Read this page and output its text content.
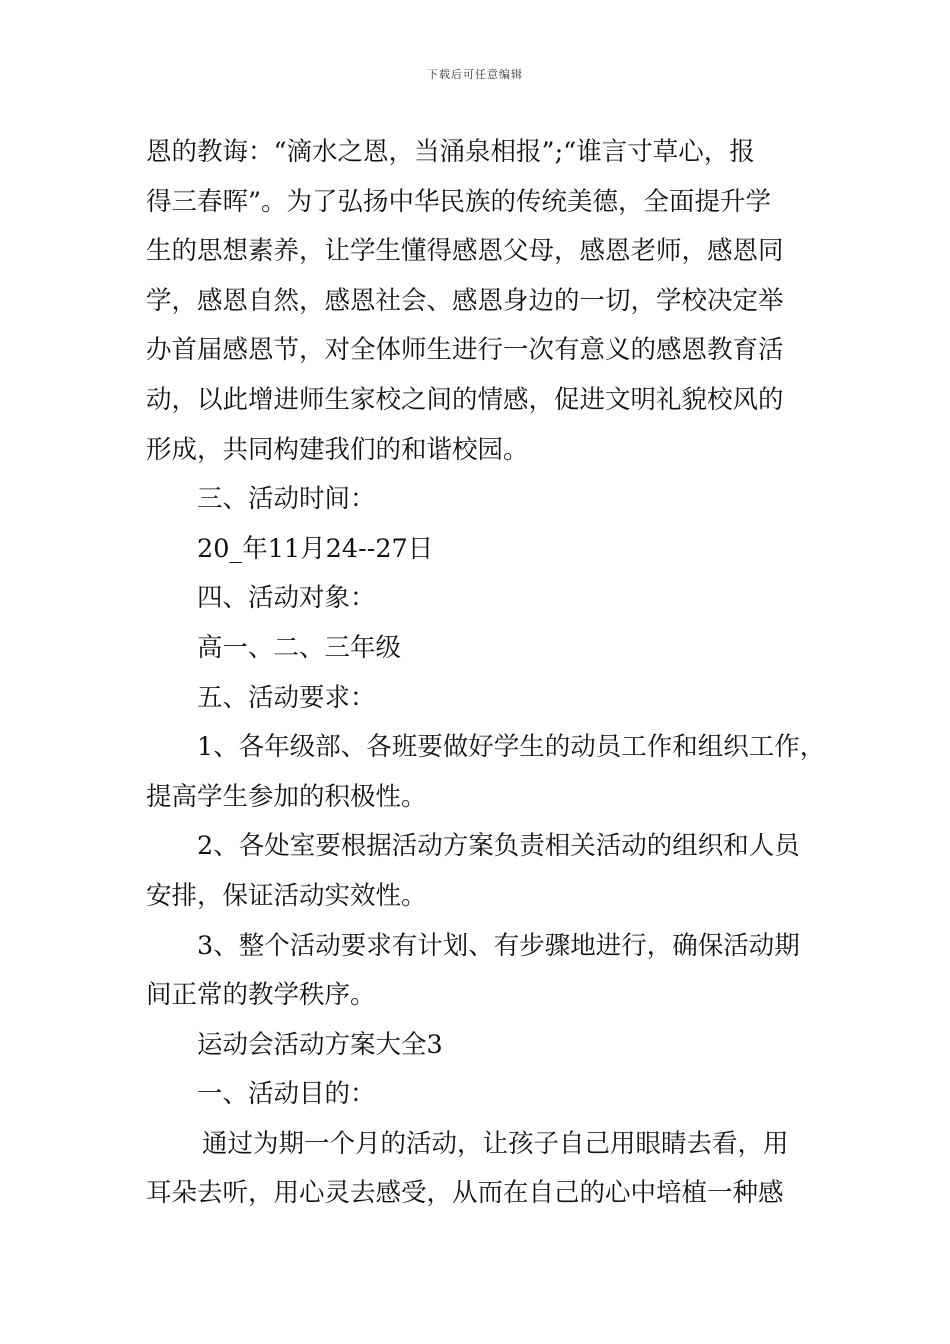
下载后可任意编辑
恩的教诲：“滴水之恩，当涌泉相报”;“谁言寸草心，报
得三春晖”。为了弘扬中华民族的传统美德，全面提升学
生的思想素养，让学生懂得感恩父母，感恩老师，感恩同
学，感恩自然，感恩社会、感恩身边的一切，学校决定举
办首届感恩节，对全体师生进行一次有意义的感恩教育活
动，以此增进师生家校之间的情感，促进文明礼貌校风的
形成，共同构建我们的和谐校园。
三、活动时间：
20_年11月24--27日
四、活动对象：
高一、二、三年级
五、活动要求：
1、各年级部、各班要做好学生的动员工作和组织工作，
提高学生参加的积极性。
2、各处室要根据活动方案负责相关活动的组织和人员
安排，保证活动实效性。
3、整个活动要求有计划、有步骤地进行，确保活动期
间正常的教学秩序。
运动会活动方案大全3
一、活动目的：
通过为期一个月的活动，让孩子自己用眼睛去看，用
耳朵去听，用心灵去感受，从而在自己的心中培植一种感
